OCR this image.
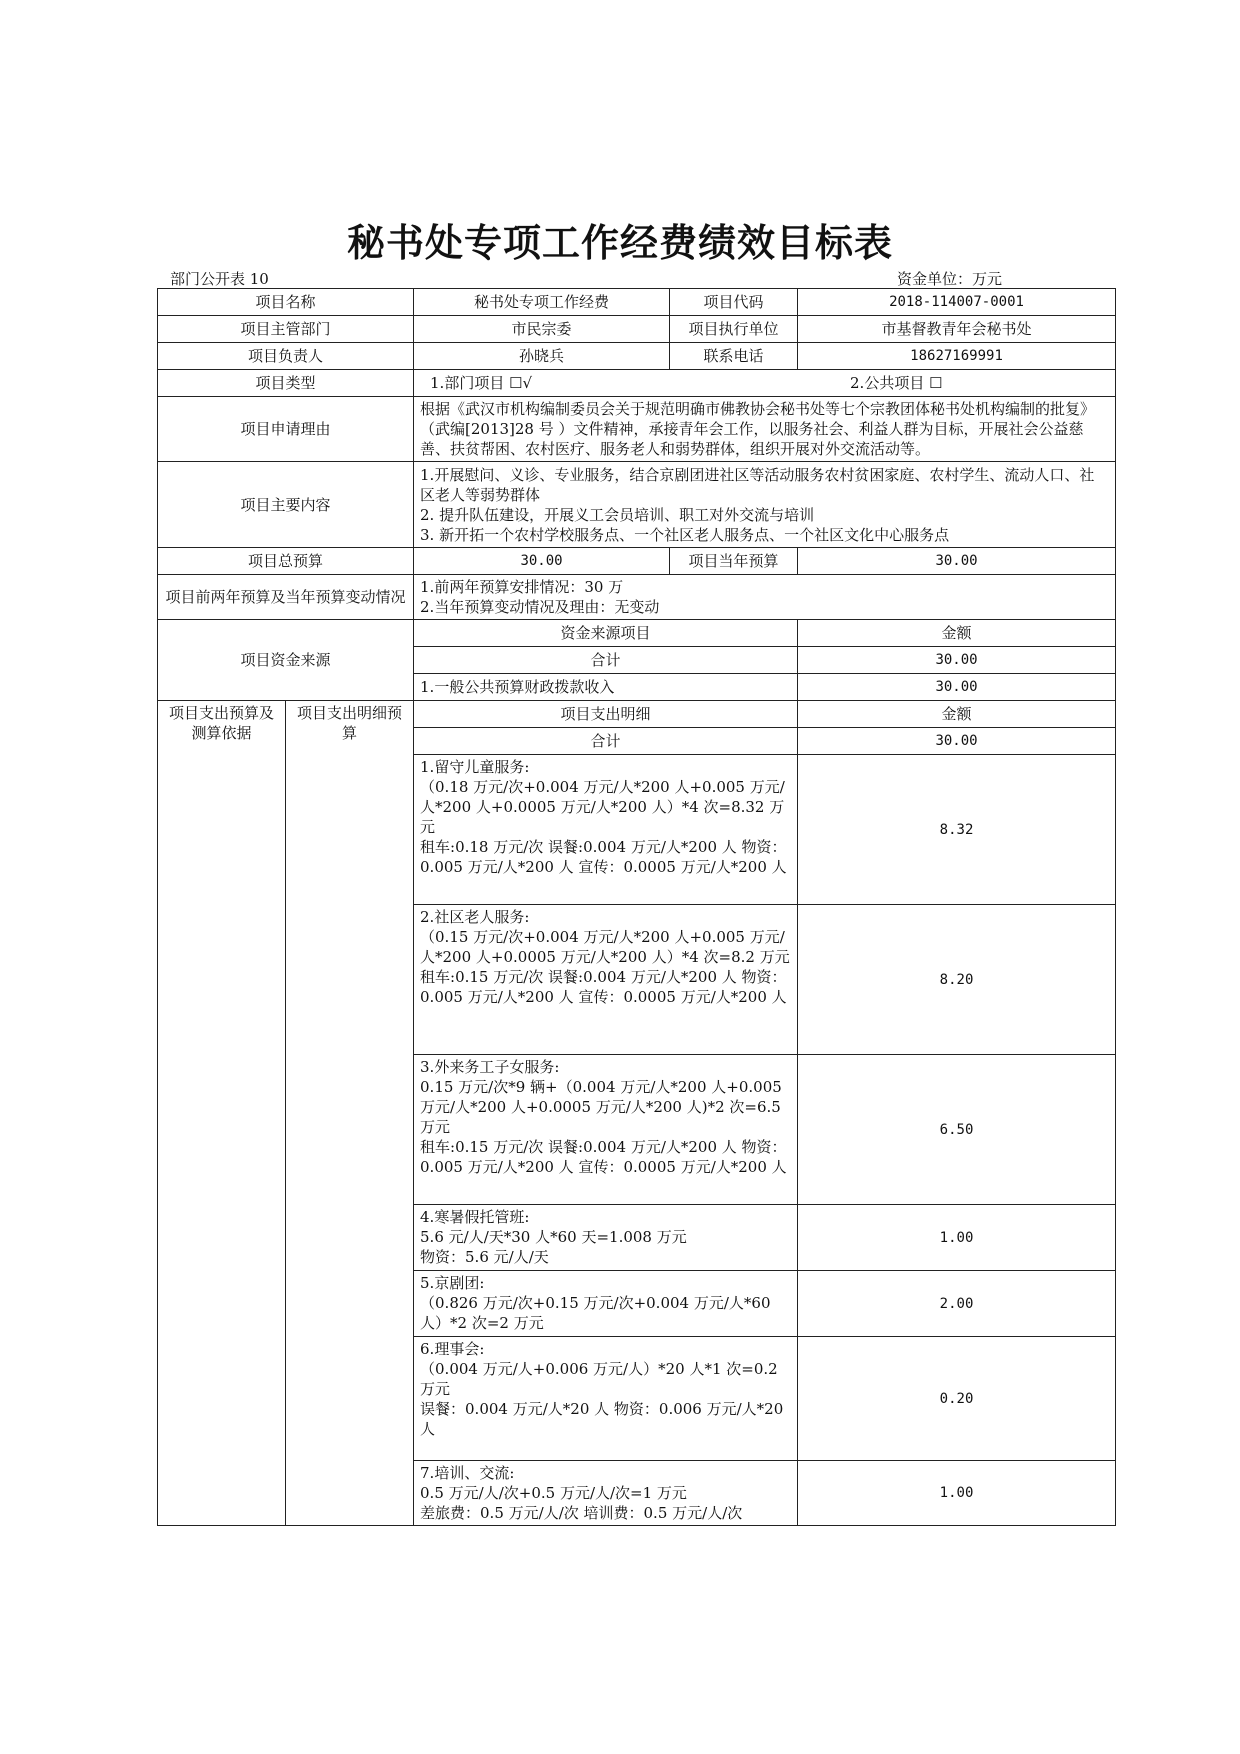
秘书处专项工作经费绩效目标表
部门公开表 10	资金单位：万元
项目名称		秘书处专项工作经费	项目代码	2018-114007-0001
项目主管部门		市民宗委	项目执行单位	市基督教青年会秘书处
项目负责人		孙晓兵	联系电话	18627169991
项目类型		1.部门项目 ☐√ 2.公共项目 ☐		
项目申请理由		根据《武汉市机构编制委员会关于规范明确市佛教协会秘书处等七个宗教团体秘书处机构编制的批复》（武编[2013]28 号 ）文件精神，承接青年会工作，以服务社会、利益人群为目标，开展社会公益慈善、扶贫帮困、农村医疗、服务老人和弱势群体，组织开展对外交流活动等。		
项目主要内容		1.开展慰问、义诊、专业服务，结合京剧团进社区等活动服务农村贫困家庭、农村学生、流动人口、社区老人等弱势群体
2. 提升队伍建设，开展义工会员培训、职工对外交流与培训
3. 新开拓一个农村学校服务点、一个社区老人服务点、一个社区文化中心服务点		

项目总预算		30.00	项目当年预算	30.00
项目前两年预算及当年预算变动情况		1.前两年预算安排情况：30 万
2.当年预算变动情况及理由：无变动		

项目资金来源		资金来源项目		金额
		合计		30.00
		1.一般公共预算财政拨款收入		30.00
项目支出预算及测算依据	项目支出明细预算	项目支出明细		金额
		合计		30.00
		1.留守儿童服务:
（0.18 万元/次+0.004 万元/人*200 人+0.005 万元/人*200 人+0.0005 万元/人*200 人）*4 次=8.32 万元
租车:0.18 万元/次 误餐:0.004 万元/人*200 人 物资：0.005 万元/人*200 人 宣传：0.0005 万元/人*200 人		8.32
		2.社区老人服务:
（0.15 万元/次+0.004 万元/人*200 人+0.005 万元/人*200 人+0.0005 万元/人*200 人）*4 次=8.2 万元
租车:0.15 万元/次 误餐:0.004 万元/人*200 人 物资：0.005 万元/人*200 人 宣传：0.0005 万元/人*200 人		8.20
		3.外来务工子女服务:
0.15 万元/次*9 辆+（0.004 万元/人*200 人+0.005 万元/人*200 人+0.0005 万元/人*200 人)*2 次=6.5 万元
租车:0.15 万元/次 误餐:0.004 万元/人*200 人 物资：0.005 万元/人*200 人 宣传：0.0005 万元/人*200 人		6.50
		4.寒暑假托管班:
5.6 元/人/天*30 人*60 天=1.008 万元
物资：5.6 元/人/天		1.00
		5.京剧团:
（0.826 万元/次+0.15 万元/次+0.004 万元/人*60 人）*2 次=2 万元		2.00
		6.理事会:
（0.004 万元/人+0.006 万元/人）*20 人*1 次=0.2 万元
误餐：0.004 万元/人*20 人 物资：0.006 万元/人*20 人		0.20
		7.培训、交流:
0.5 万元/人/次+0.5 万元/人/次=1 万元
差旅费：0.5 万元/人/次 培训费：0.5 万元/人/次		1.00
